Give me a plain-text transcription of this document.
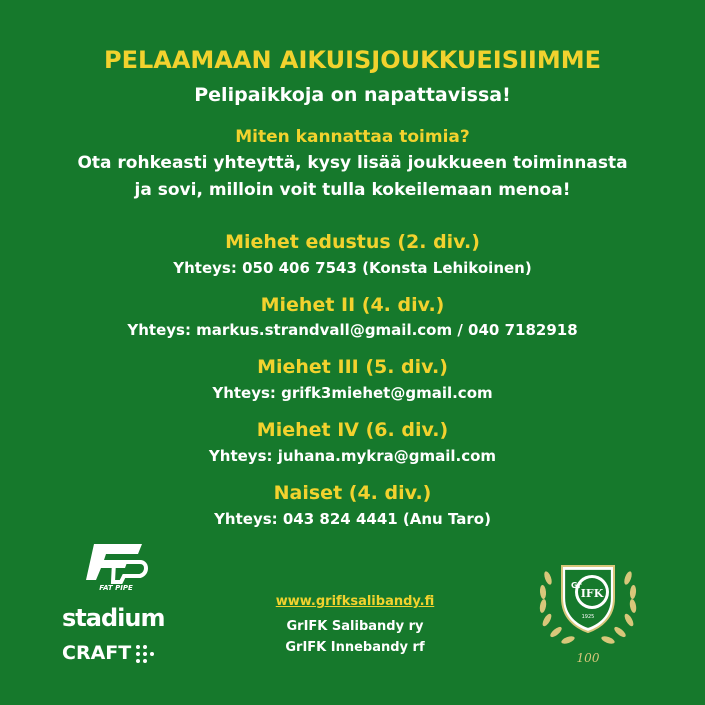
PELAAMAAN AIKUISJOUKKUEISIIMME
Pelipaikkoja on napattavissa!
Miten kannattaa toimia?
Ota rohkeasti yhteyttä, kysy lisää joukkueen toiminnasta
ja sovi, milloin voit tulla kokeilemaan menoa!
Miehet edustus (2. div.)
Yhteys: 050 406 7543 (Konsta Lehikoinen)
Miehet II (4. div.)
Yhteys: markus.strandvall@gmail.com / 040 7182918
Miehet III (5. div.)
Yhteys: grifk3miehet@gmail.com
Miehet IV (6. div.)
Yhteys: juhana.mykra@gmail.com
Naiset (4. div.)
Yhteys: 043 824 4441 (Anu Taro)
FAT PIPE
stadium
CRAFT
www.grifksalibandy.fi
GrIFK Salibandy ry
GrIFK Innebandy rf
Gr
IFK
1925
100
